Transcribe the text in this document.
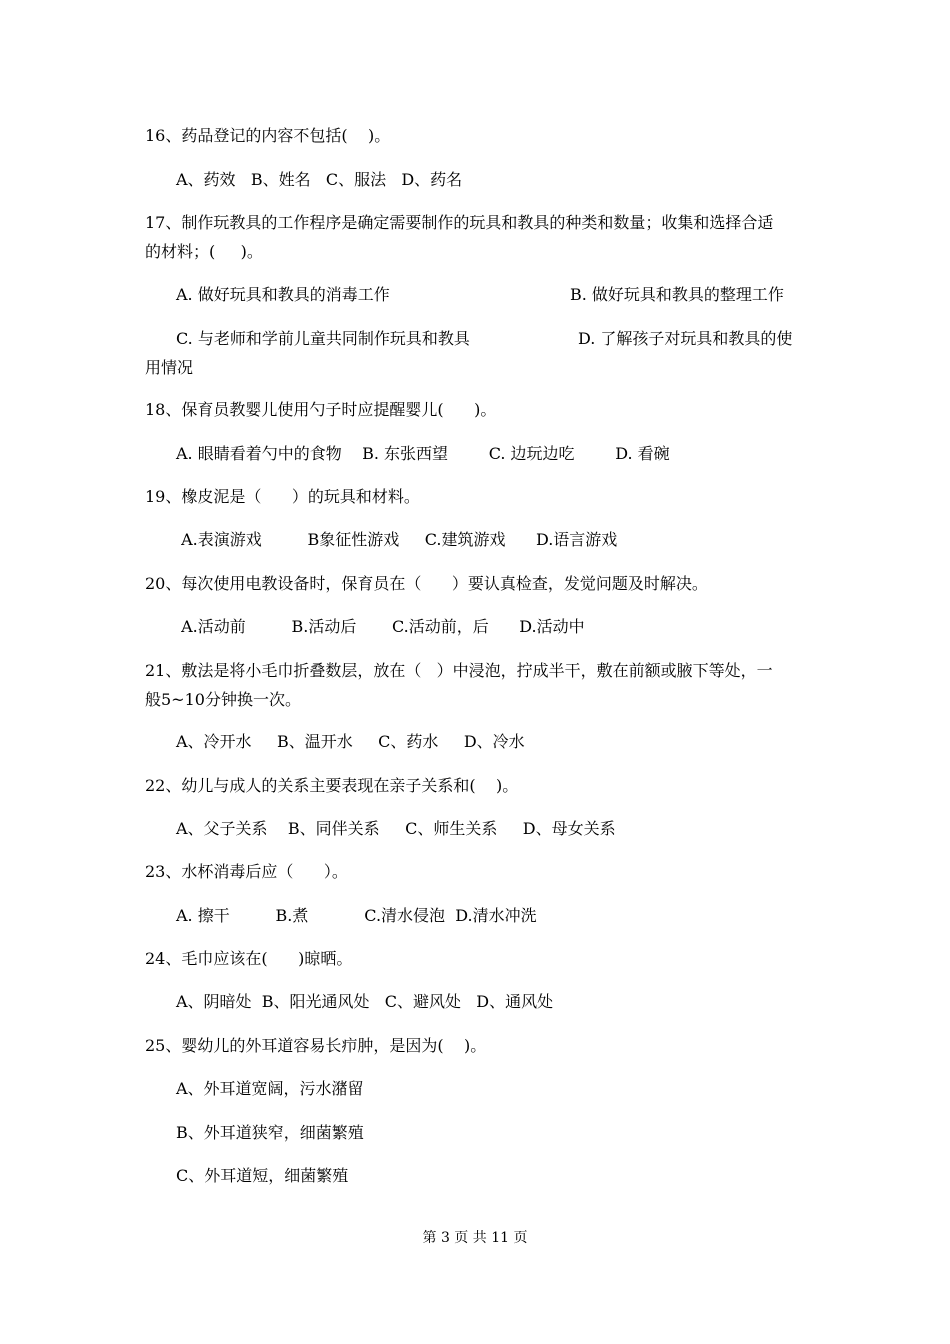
16、药品登记的内容不包括(    )。
A、药效   B、姓名   C、服法   D、药名
17、制作玩教具的工作程序是确定需要制作的玩具和教具的种类和数量；收集和选择合适
的材料；(     )。
A. 做好玩具和教具的消毒工作	B. 做好玩具和教具的整理工作
C. 与老师和学前儿童共同制作玩具和教具	D. 了解孩子对玩具和教具的使
用情况
18、保育员教婴儿使用勺子时应提醒婴儿(      )。
A. 眼睛看着勺中的食物    B. 东张西望        C. 边玩边吃        D. 看碗
19、橡皮泥是（      ）的玩具和材料。
A.表演游戏         B象征性游戏     C.建筑游戏      D.语言游戏
20、每次使用电教设备时，保育员在（      ）要认真检查，发觉问题及时解决。
A.活动前         B.活动后       C.活动前，后      D.活动中
21、敷法是将小毛巾折叠数层，放在（   ）中浸泡，拧成半干，敷在前额或腋下等处，一
般5~10分钟换一次。
A、冷开水     B、温开水     C、药水     D、冷水
22、幼儿与成人的关系主要表现在亲子关系和(    )。
A、父子关系    B、同伴关系     C、师生关系     D、母女关系
23、水杯消毒后应（      ）。
A. 擦干         B.煮           C.清水侵泡  D.清水冲洗
24、毛巾应该在(      )晾晒。
A、阴暗处  B、阳光通风处   C、避风处   D、通风处
25、婴幼儿的外耳道容易长疖肿，是因为(    )。
A、外耳道宽阔，污水潴留
B、外耳道狭窄，细菌繁殖
C、外耳道短，细菌繁殖
第 3 页 共 11 页
